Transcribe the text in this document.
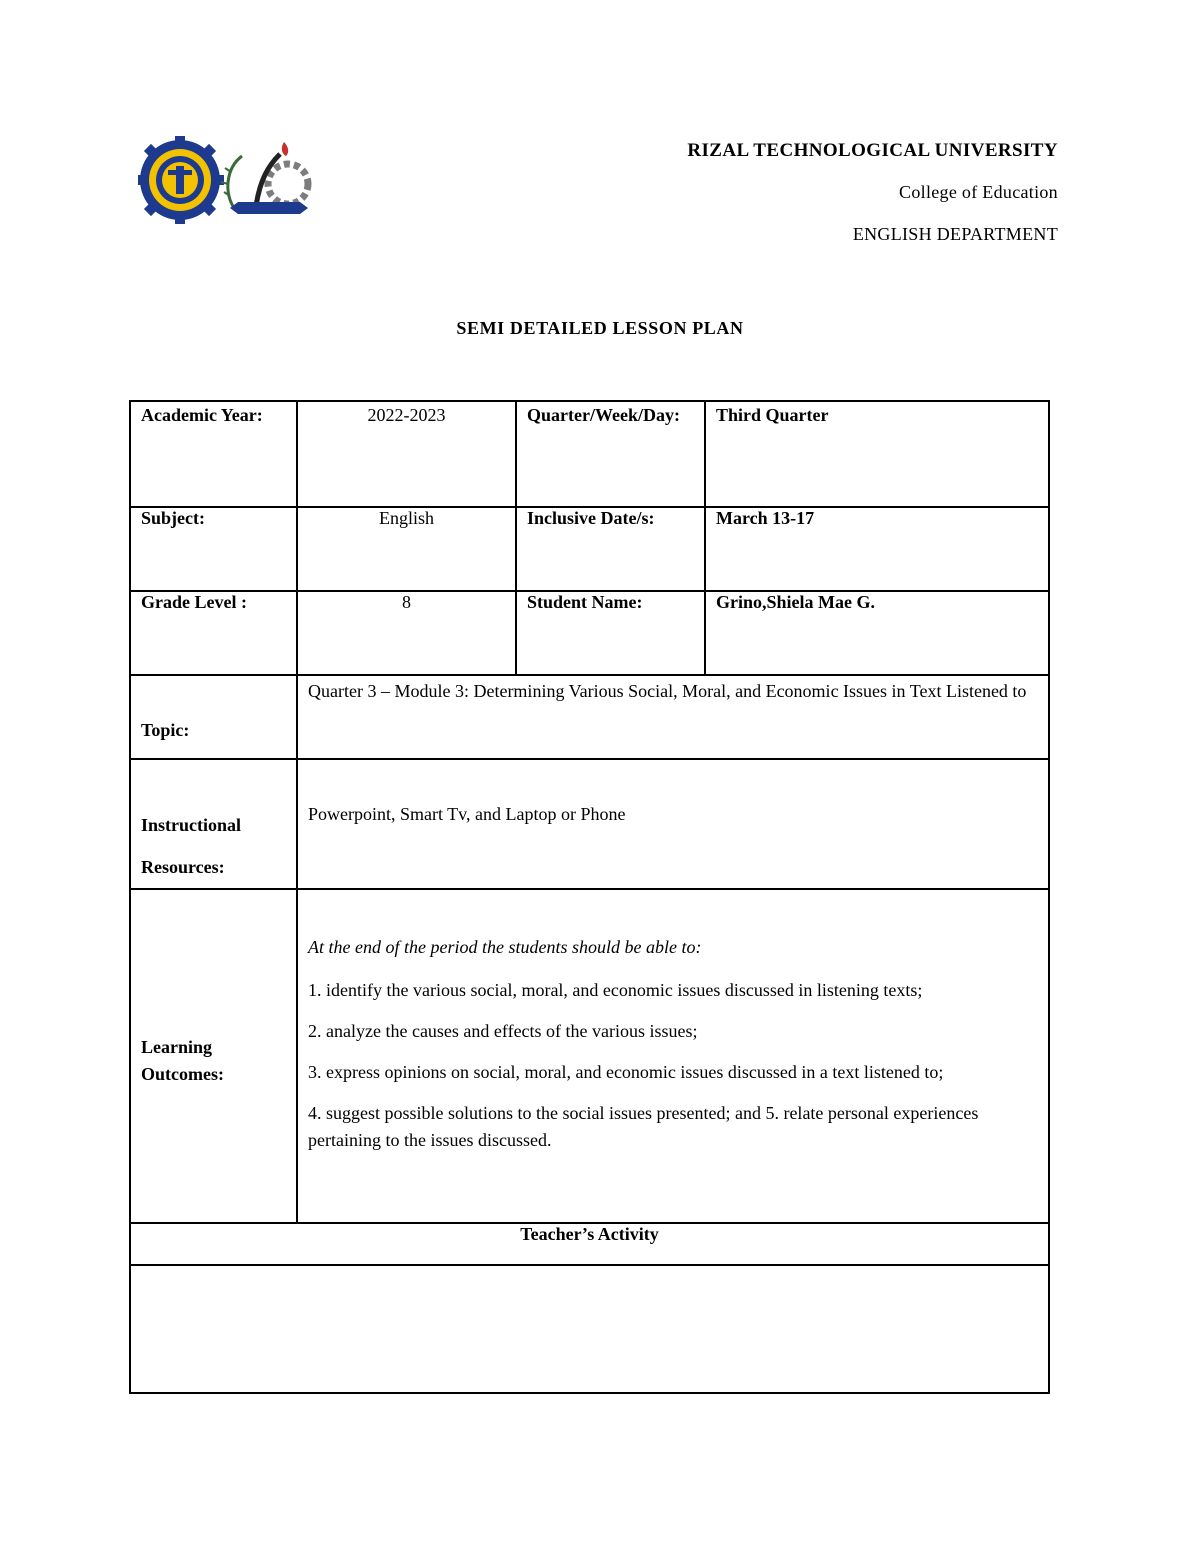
RIZAL TECHNOLOGICAL UNIVERSITY
College of Education
ENGLISH DEPARTMENT
SEMI DETAILED LESSON PLAN
Academic Year:	2022-2023	Quarter/Week/Day:	Third Quarter
Subject:	English	Inclusive Date/s:	March 13-17
Grade Level :	8	Student Name:	Grino,Shiela Mae G.
Topic:	Quarter 3 – Module 3: Determining Various Social, Moral, and Economic Issues in Text Listened to		
Instructional Resources:	Powerpoint, Smart Tv, and Laptop or Phone		
Learning Outcomes:	At the end of the period the students should be able to:
1. identify the various social, moral, and economic issues discussed in listening texts;
2. analyze the causes and effects of the various issues;
3. express opinions on social, moral, and economic issues discussed in a text listened to;
4. suggest possible solutions to the social issues presented; and 5. relate personal experiences pertaining to the issues discussed.		

Teacher’s Activity			
